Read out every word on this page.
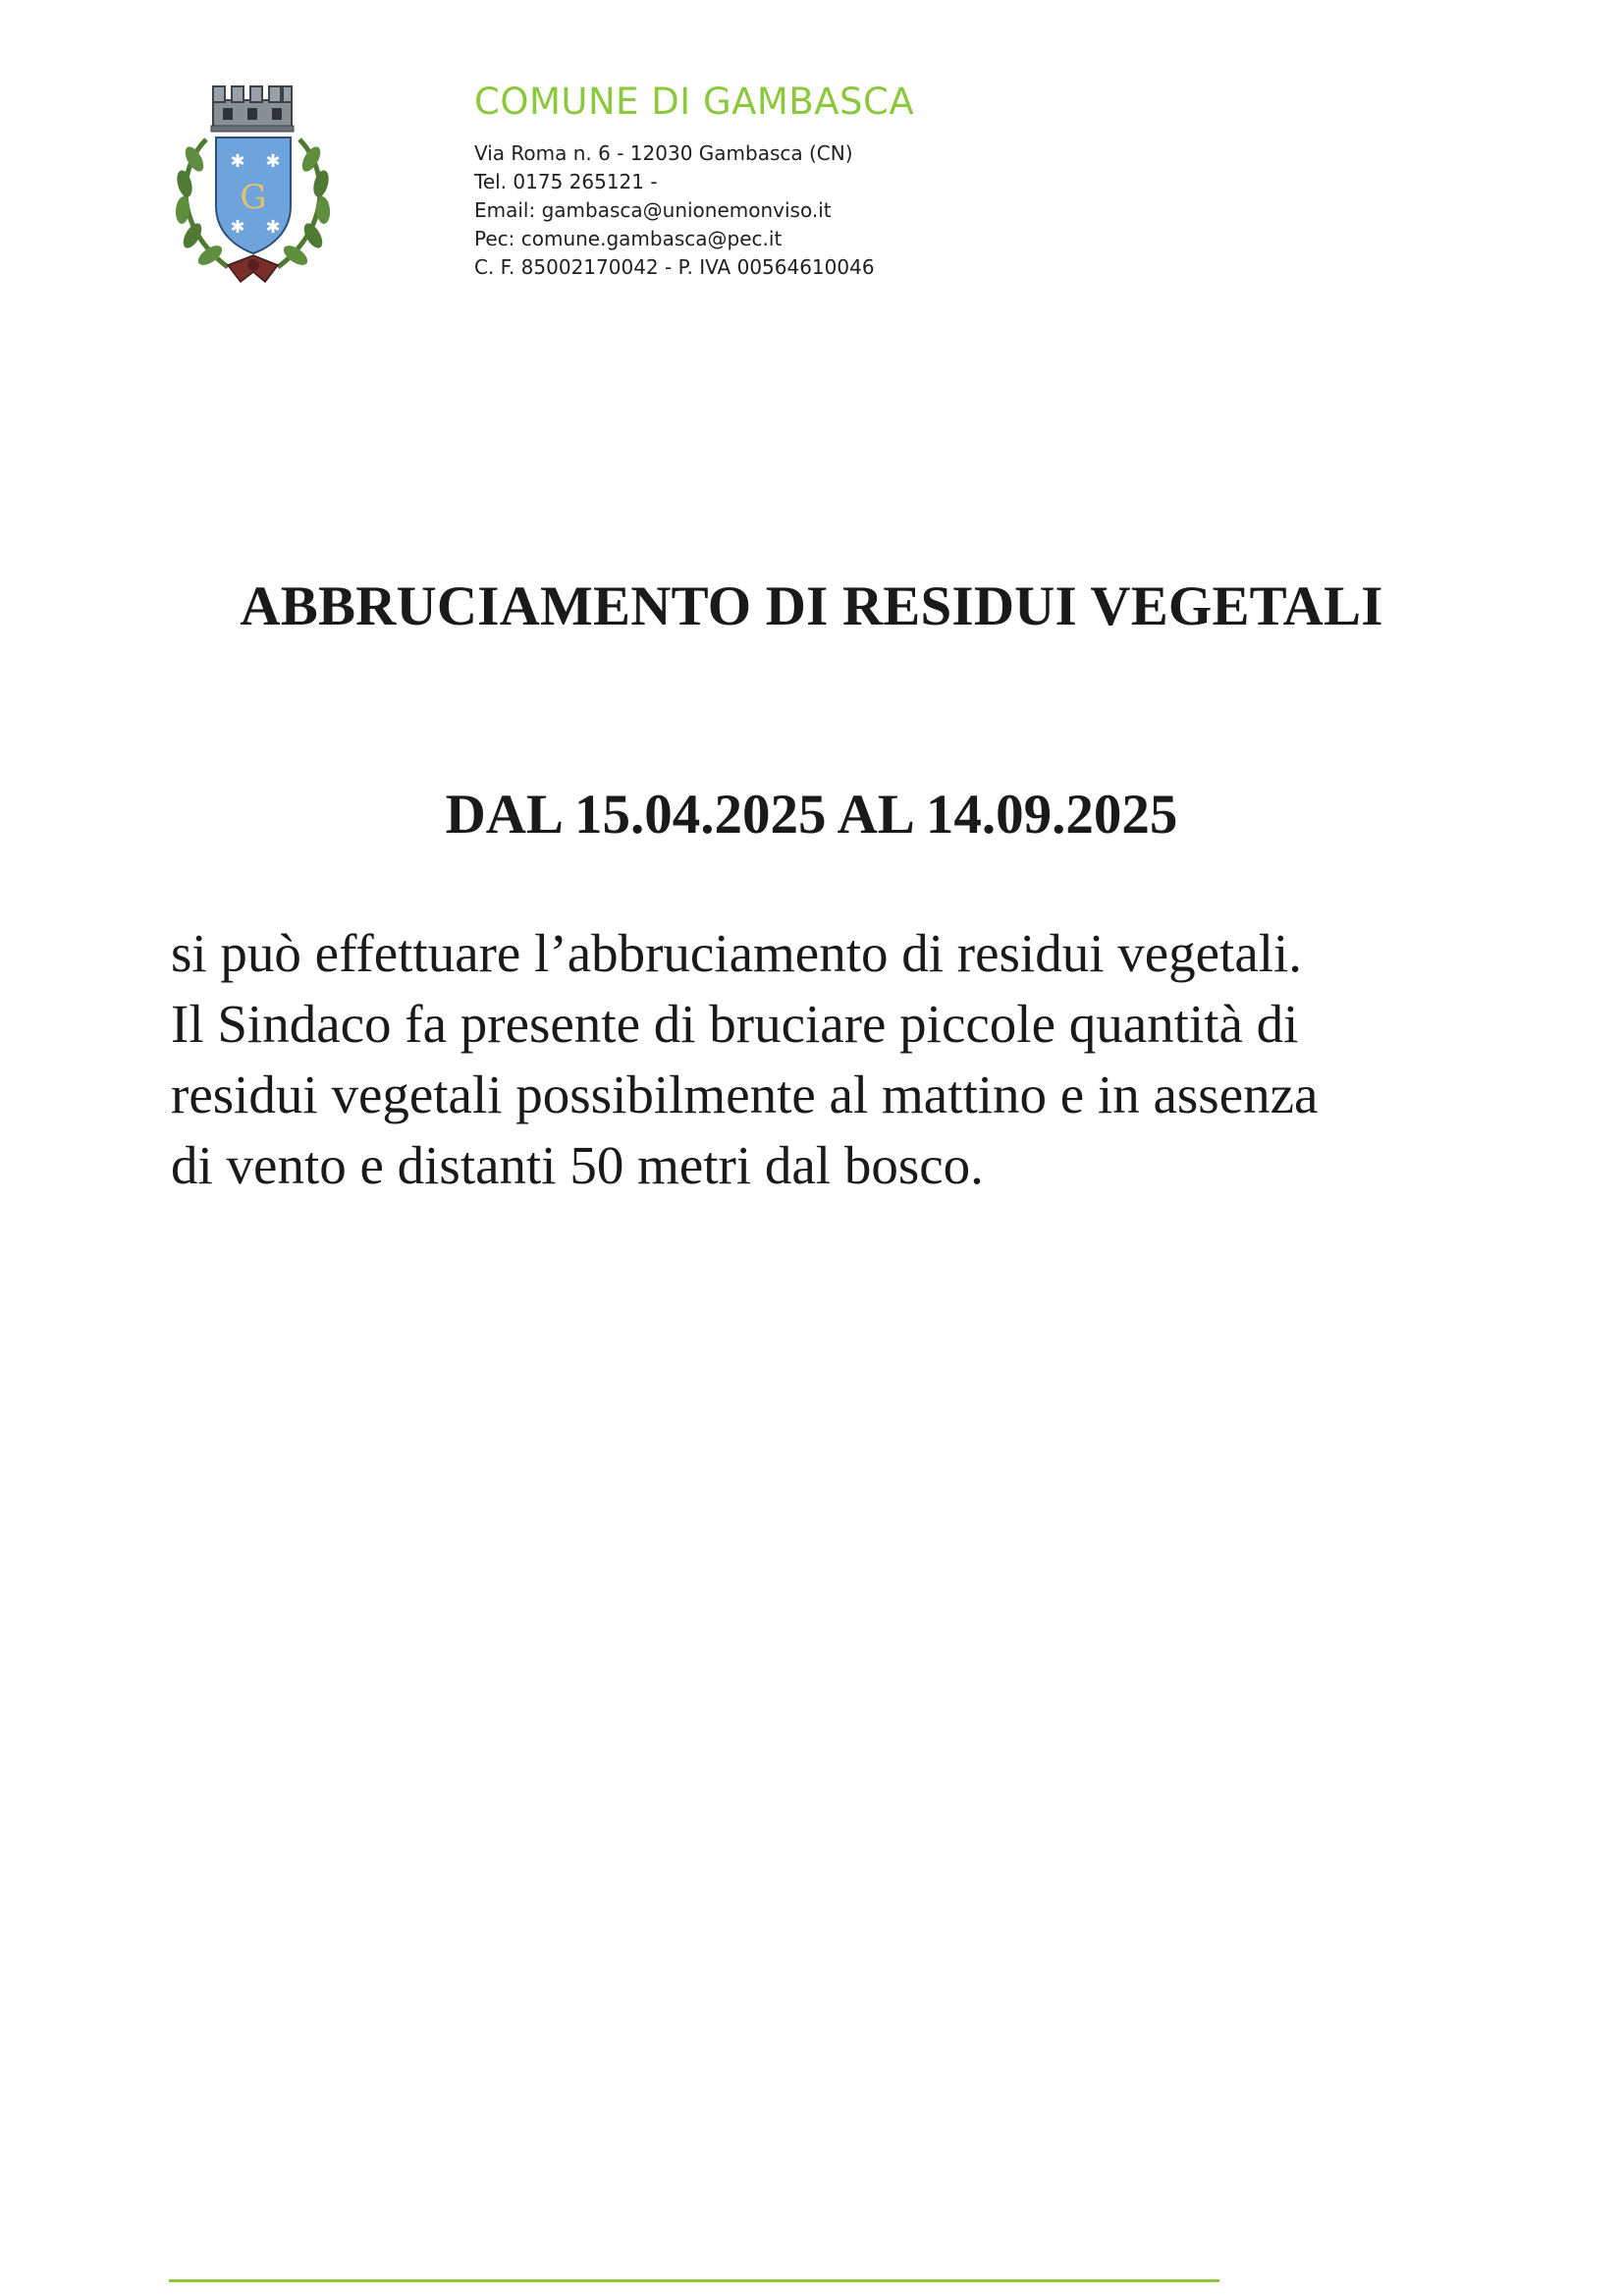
✱ ✱
✱ ✱
G

COMUNE DI GAMBASCA

Via Roma n. 6 - 12030 Gambasca (CN)

Tel. 0175 265121 -

Email: gambasca@unionemonviso.it

Pec: comune.gambasca@pec.it

C. F. 85002170042 - P. IVA 00564610046

ABBRUCIAMENTO DI RESIDUI VEGETALI
DAL 15.04.2025 AL 14.09.2025
si può effettuare l’abbruciamento di residui vegetali.
Il Sindaco fa presente di bruciare piccole quantità di
residui vegetali possibilmente al mattino e in assenza
di vento e distanti 50 metri dal bosco.
